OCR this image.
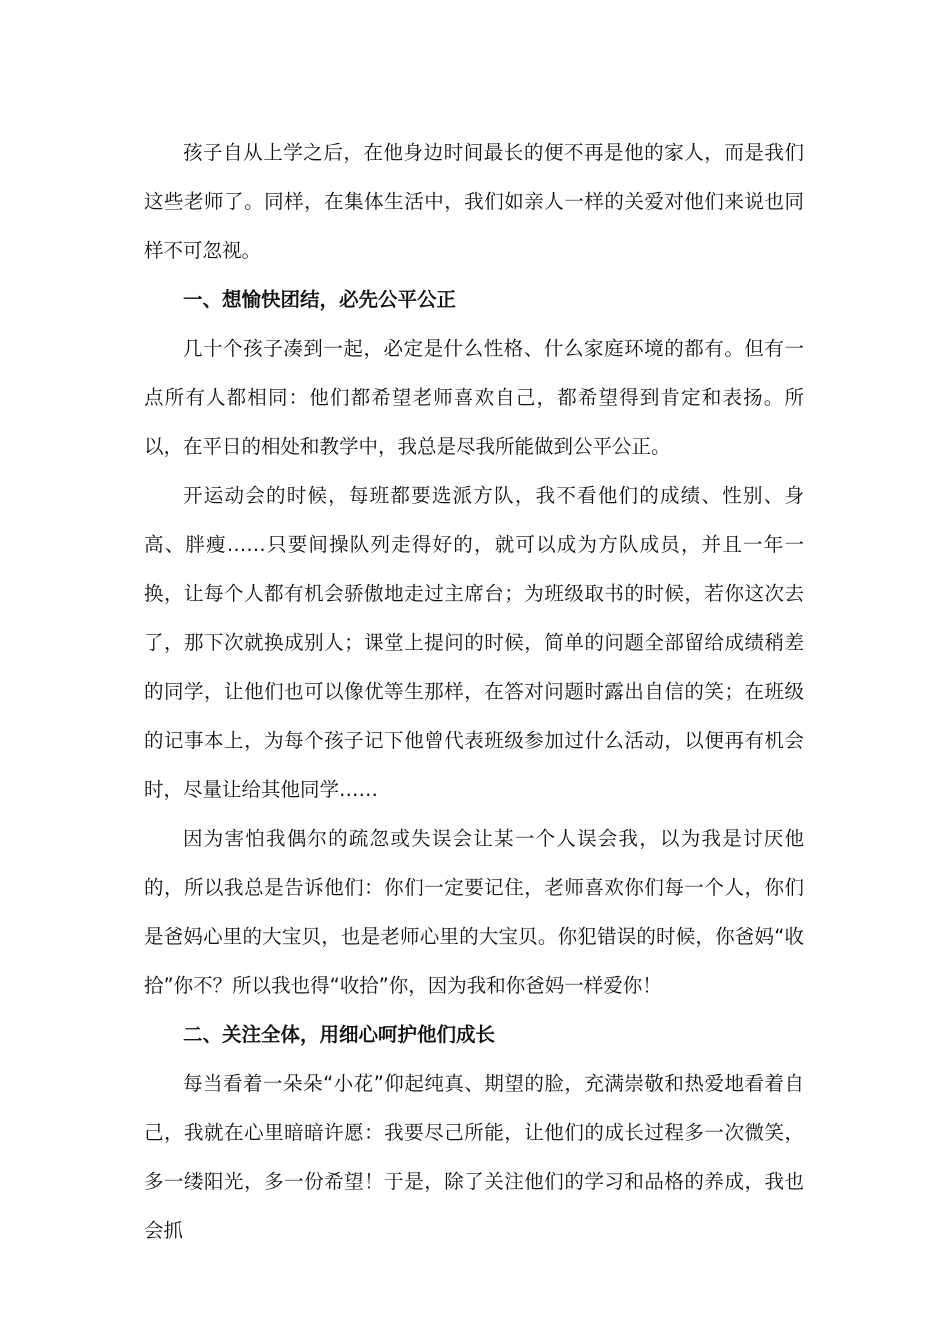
孩子自从上学之后，在他身边时间最长的便不再是他的家人，而是我们这些老师了。同样，在集体生活中，我们如亲人一样的关爱对他们来说也同样不可忽视。

一、想愉快团结，必先公平公正

几十个孩子凑到一起，必定是什么性格、什么家庭环境的都有。但有一点所有人都相同：他们都希望老师喜欢自己，都希望得到肯定和表扬。所以，在平日的相处和教学中，我总是尽我所能做到公平公正。

开运动会的时候，每班都要选派方队，我不看他们的成绩、性别、身高、胖瘦……只要间操队列走得好的，就可以成为方队成员，并且一年一换，让每个人都有机会骄傲地走过主席台；为班级取书的时候，若你这次去了，那下次就换成别人；课堂上提问的时候，简单的问题全部留给成绩稍差的同学，让他们也可以像优等生那样，在答对问题时露出自信的笑；在班级的记事本上，为每个孩子记下他曾代表班级参加过什么活动，以便再有机会时，尽量让给其他同学……

因为害怕我偶尔的疏忽或失误会让某一个人误会我，以为我是讨厌他的，所以我总是告诉他们：你们一定要记住，老师喜欢你们每一个人，你们是爸妈心里的大宝贝，也是老师心里的大宝贝。你犯错误的时候，你爸妈“收拾”你不？所以我也得“收拾”你，因为我和你爸妈一样爱你！

二、关注全体，用细心呵护他们成长

每当看着一朵朵“小花”仰起纯真、期望的脸，充满崇敬和热爱地看着自己，我就在心里暗暗许愿：我要尽己所能，让他们的成长过程多一次微笑，多一缕阳光，多一份希望！于是，除了关注他们的学习和品格的养成，我也会抓
